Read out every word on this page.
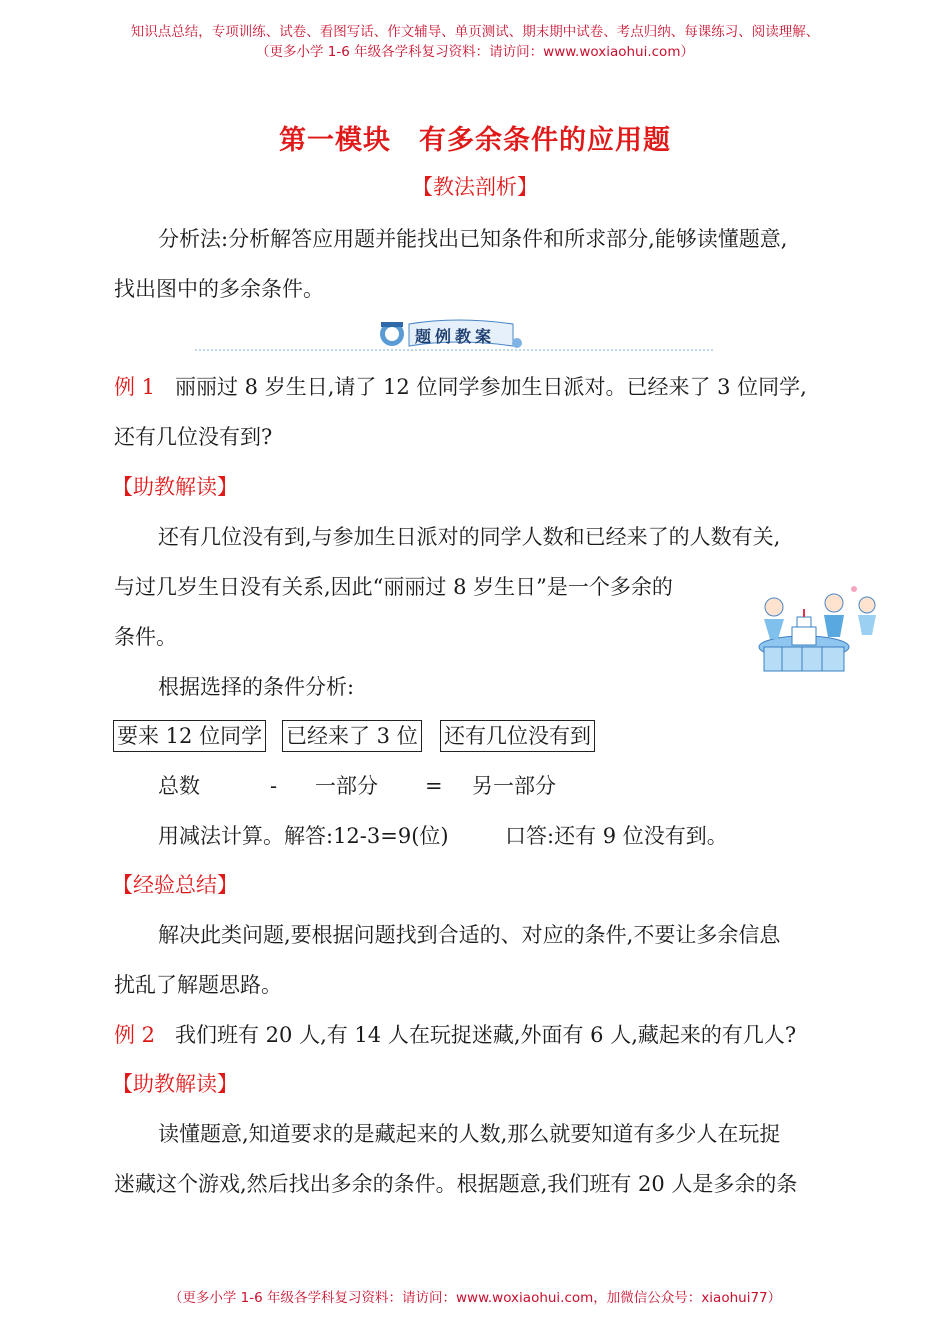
知识点总结，专项训练、试卷、看图写话、作文辅导、单页测试、期末期中试卷、考点归纳、每课练习、阅读理解、
（更多小学 1-6 年级各学科复习资料：请访问：www.woxiaohui.com）
第一模块　有多余条件的应用题
【教法剖析】
分析法:分析解答应用题并能找出已知条件和所求部分,能够读懂题意,
找出图中的多余条件。
题例教案
例 1 丽丽过 8 岁生日,请了 12 位同学参加生日派对。已经来了 3 位同学,
还有几位没有到?
【助教解读】
还有几位没有到,与参加生日派对的同学人数和已经来了的人数有关,
与过几岁生日没有关系,因此“丽丽过 8 岁生日”是一个多余的
条件。
根据选择的条件分析:
要来 12 位同学 已经来了 3 位 还有几位没有到
总数	- 一部分 = 另一部分
用减法计算。解答:12-3=9(位)	口答:还有 9 位没有到。
【经验总结】
解决此类问题,要根据问题找到合适的、对应的条件,不要让多余信息
扰乱了解题思路。
例 2 我们班有 20 人,有 14 人在玩捉迷藏,外面有 6 人,藏起来的有几人?
【助教解读】
读懂题意,知道要求的是藏起来的人数,那么就要知道有多少人在玩捉
迷藏这个游戏,然后找出多余的条件。根据题意,我们班有 20 人是多余的条
（更多小学 1-6 年级各学科复习资料：请访问：www.woxiaohui.com，加微信公众号：xiaohui77）
